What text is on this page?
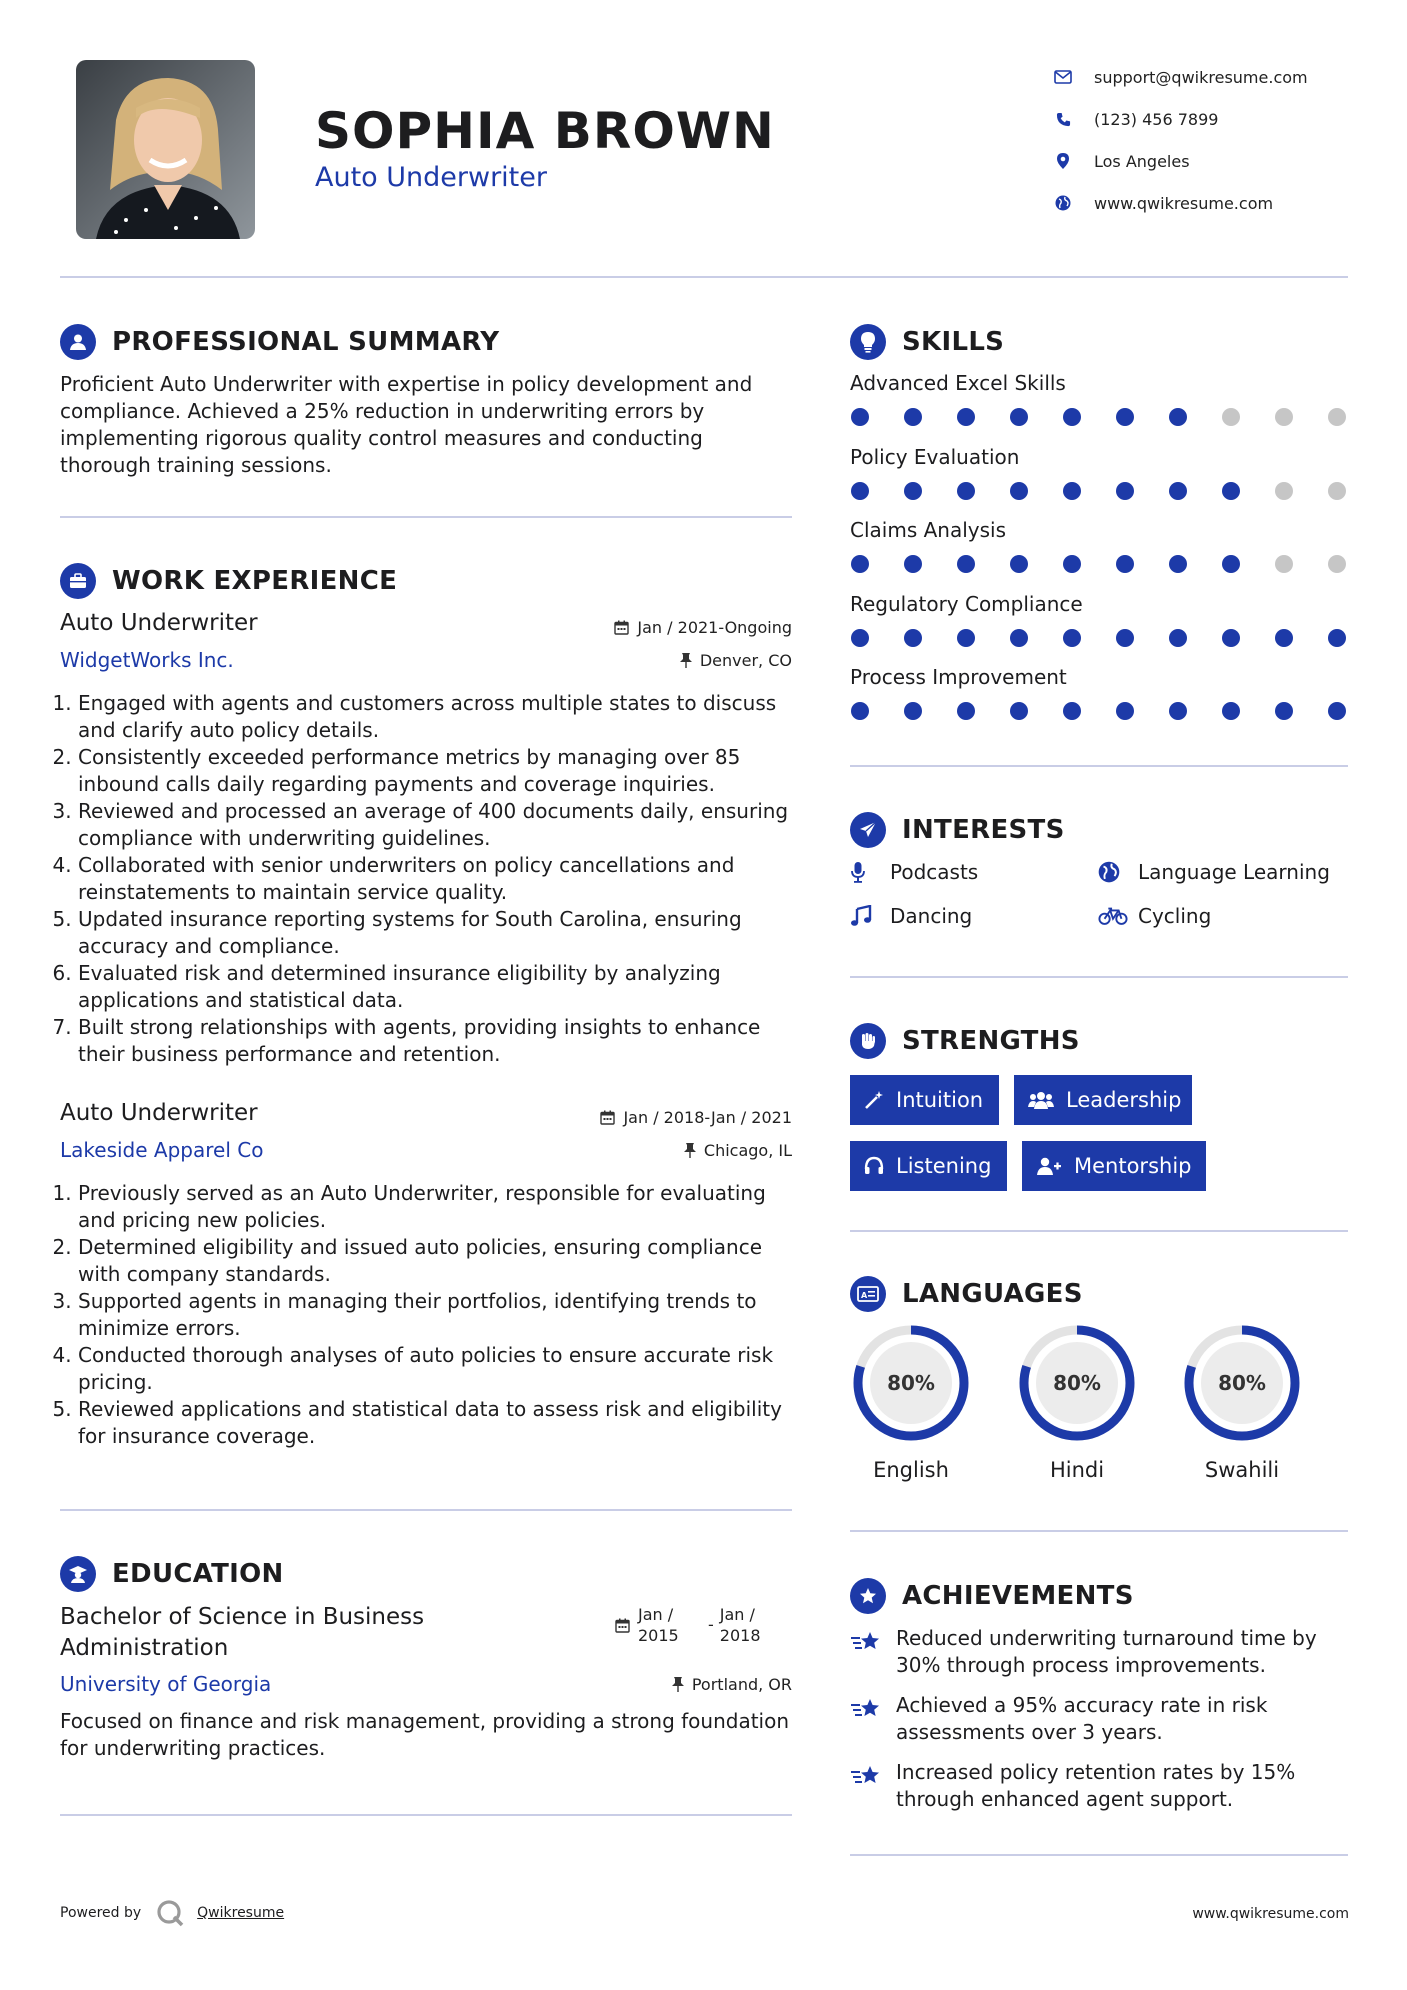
SOPHIA BROWN
Auto Underwriter
support@qwikresume.com
(123) 456 7899
Los Angeles
www.qwikresume.com
PROFESSIONAL SUMMARY
Proficient Auto Underwriter with expertise in policy development and compliance. Achieved a 25% reduction in underwriting errors by implementing rigorous quality control measures and conducting thorough training sessions.
WORK EXPERIENCE
Auto Underwriter
WidgetWorks Inc.
Jan / 2021-Ongoing
Denver, CO
1. Engaged with agents and customers across multiple states to discuss and clarify auto policy details.
2. Consistently exceeded performance metrics by managing over 85 inbound calls daily regarding payments and coverage inquiries.
3. Reviewed and processed an average of 400 documents daily, ensuring compliance with underwriting guidelines.
4. Collaborated with senior underwriters on policy cancellations and reinstatements to maintain service quality.
5. Updated insurance reporting systems for South Carolina, ensuring accuracy and compliance.
6. Evaluated risk and determined insurance eligibility by analyzing applications and statistical data.
7. Built strong relationships with agents, providing insights to enhance their business performance and retention.
Auto Underwriter
Lakeside Apparel Co
Jan / 2018-Jan / 2021
Chicago, IL
1. Previously served as an Auto Underwriter, responsible for evaluating and pricing new policies.
2. Determined eligibility and issued auto policies, ensuring compliance with company standards.
3. Supported agents in managing their portfolios, identifying trends to minimize errors.
4. Conducted thorough analyses of auto policies to ensure accurate risk pricing.
5. Reviewed applications and statistical data to assess risk and eligibility for insurance coverage.
EDUCATION
Bachelor of Science in Business Administration
University of Georgia
Jan / 2015
-
Jan / 2018
Portland, OR
Focused on finance and risk management, providing a strong foundation for underwriting practices.
SKILLS
Advanced Excel Skills
Policy Evaluation
Claims Analysis
Regulatory Compliance
Process Improvement
INTERESTS
Podcasts	Language Learning
Dancing	Cycling
STRENGTHS
Intuition	Leadership
Listening	Mentorship
A LANGUAGES
80%
English
80%
Hindi
80%
Swahili
ACHIEVEMENTS
Reduced underwriting turnaround time by 30% through process improvements.
Achieved a 95% accuracy rate in risk assessments over 3 years.
Increased policy retention rates by 15% through enhanced agent support.
Powered by	Qwikresume	www.qwikresume.com
